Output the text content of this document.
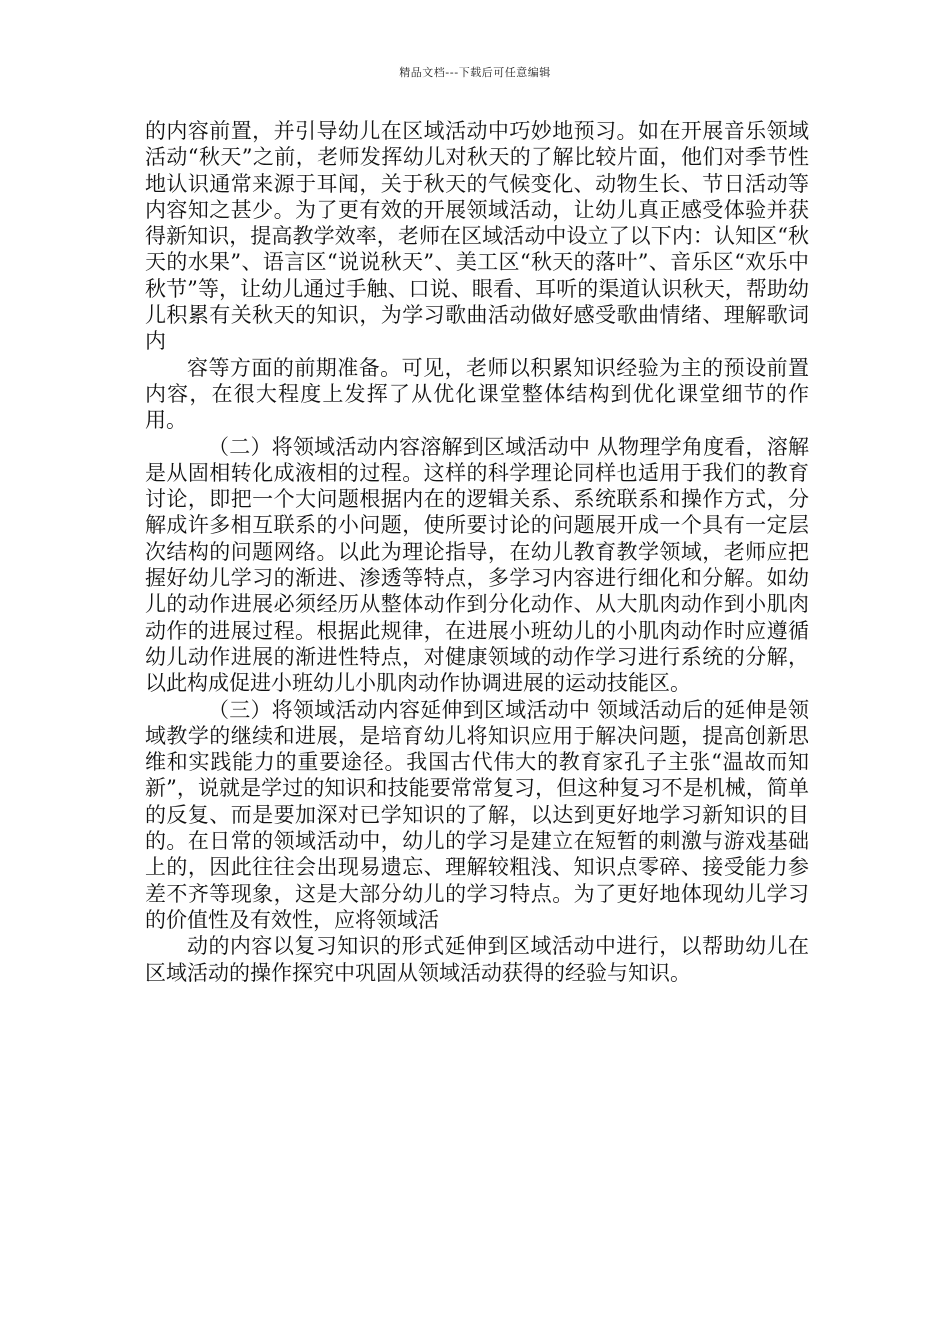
精品文档---下载后可任意编辑

的内容前置，并引导幼儿在区域活动中巧妙地预习。如在开展音乐领域活动“秋天”之前，老师发挥幼儿对秋天的了解比较片面，他们对季节性地认识通常来源于耳闻，关于秋天的气候变化、动物生长、节日活动等内容知之甚少。为了更有效的开展领域活动，让幼儿真正感受体验并获得新知识，提高教学效率，老师在区域活动中设立了以下内：认知区“秋天的水果”、语言区“说说秋天”、美工区“秋天的落叶”、音乐区“欢乐中秋节”等，让幼儿通过手触、口说、眼看、耳听的渠道认识秋天，帮助幼儿积累有关秋天的知识，为学习歌曲活动做好感受歌曲情绪、理解歌词内

容等方面的前期准备。可见，老师以积累知识经验为主的预设前置内容，在很大程度上发挥了从优化课堂整体结构到优化课堂细节的作用。

（二）将领域活动内容溶解到区域活动中 从物理学角度看，溶解是从固相转化成液相的过程。这样的科学理论同样也适用于我们的教育讨论，即把一个大问题根据内在的逻辑关系、系统联系和操作方式，分解成许多相互联系的小问题，使所要讨论的问题展开成一个具有一定层次结构的问题网络。以此为理论指导，在幼儿教育教学领域，老师应把握好幼儿学习的渐进、渗透等特点，多学习内容进行细化和分解。如幼儿的动作进展必须经历从整体动作到分化动作、从大肌肉动作到小肌肉动作的进展过程。根据此规律，在进展小班幼儿的小肌肉动作时应遵循幼儿动作进展的渐进性特点，对健康领域的动作学习进行系统的分解，以此构成促进小班幼儿小肌肉动作协调进展的运动技能区。

（三）将领域活动内容延伸到区域活动中 领域活动后的延伸是领域教学的继续和进展，是培育幼儿将知识应用于解决问题，提高创新思维和实践能力的重要途径。我国古代伟大的教育家孔子主张“温故而知新”，说就是学过的知识和技能要常常复习，但这种复习不是机械，简单的反复、而是要加深对已学知识的了解，以达到更好地学习新知识的目的。在日常的领域活动中，幼儿的学习是建立在短暂的刺激与游戏基础上的，因此往往会出现易遗忘、理解较粗浅、知识点零碎、接受能力参差不齐等现象，这是大部分幼儿的学习特点。为了更好地体现幼儿学习的价值性及有效性，应将领域活

动的内容以复习知识的形式延伸到区域活动中进行，以帮助幼儿在区域活动的操作探究中巩固从领域活动获得的经验与知识。
